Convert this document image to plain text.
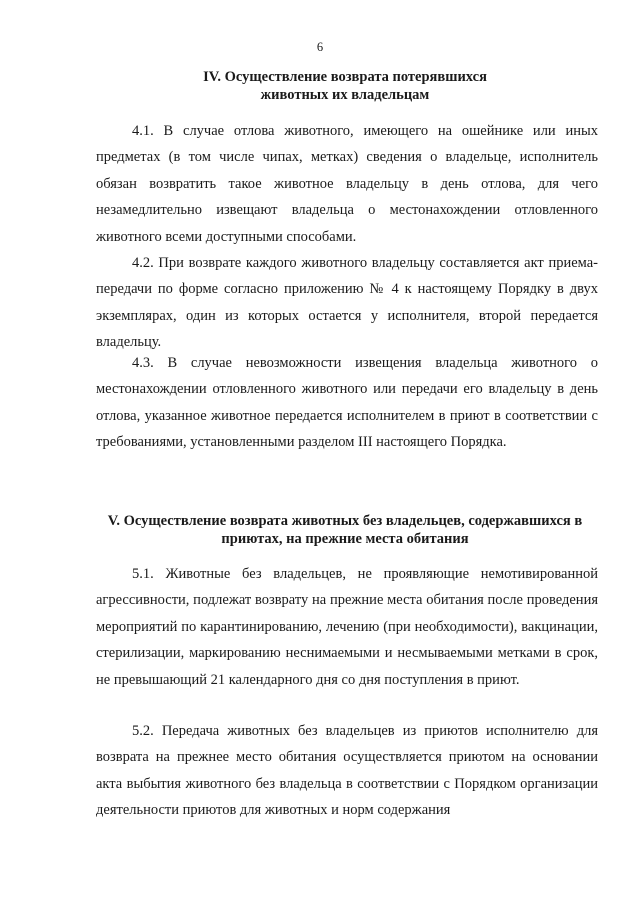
6
IV. Осуществление возврата потерявшихся
животных их владельцам
4.1. В случае отлова животного, имеющего на ошейнике или иных предметах (в том числе чипах, метках) сведения о владельце, исполнитель обязан возвратить такое животное владельцу в день отлова, для чего незамедлительно извещают владельца о местонахождении отловленного животного всеми доступными способами.
4.2. При возврате каждого животного владельцу составляется акт приема-передачи по форме согласно приложению № 4 к настоящему Порядку в двух экземплярах, один из которых остается у исполнителя, второй передается владельцу.
4.3. В случае невозможности извещения владельца животного о местонахождении отловленного животного или передачи его владельцу в день отлова, указанное животное передается исполнителем в приют в соответствии с требованиями, установленными разделом III настоящего Порядка.
V. Осуществление возврата животных без владельцев, содержавшихся в
приютах, на прежние места обитания
5.1. Животные без владельцев, не проявляющие немотивированной агрессивности, подлежат возврату на прежние места обитания после проведения мероприятий по карантинированию, лечению (при необходимости), вакцинации, стерилизации, маркированию неснимаемыми и несмываемыми метками в срок, не превышающий 21 календарного дня со дня поступления в приют.
5.2. Передача животных без владельцев из приютов исполнителю для возврата на прежнее место обитания осуществляется приютом на основании акта выбытия животного без владельца в соответствии с Порядком организации деятельности приютов для животных и норм содержания
